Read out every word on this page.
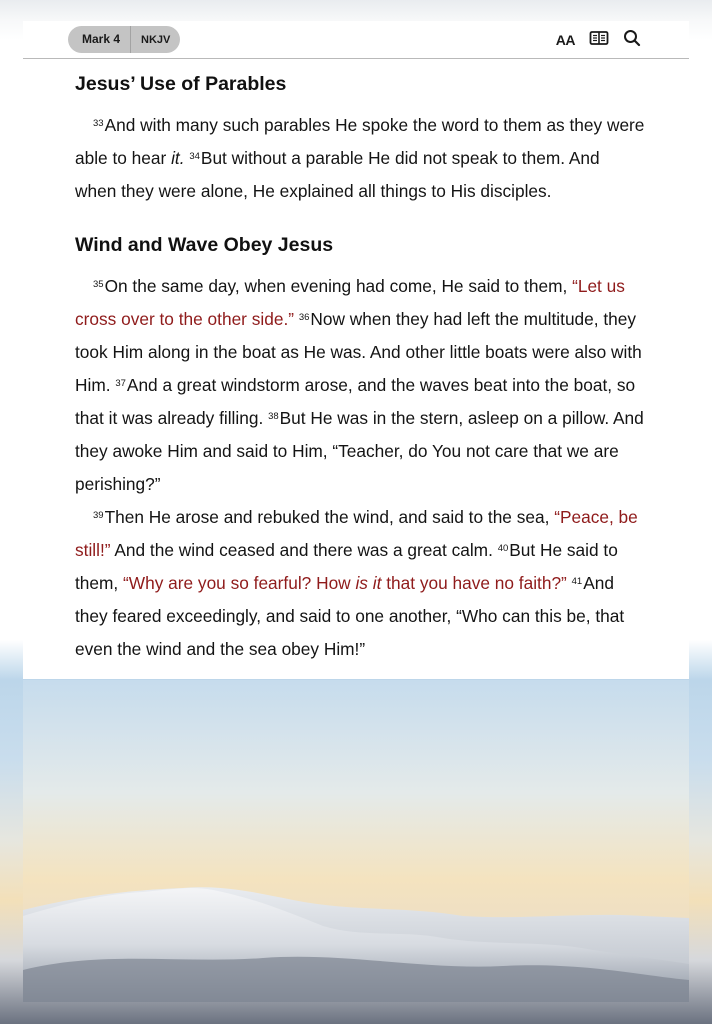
Mark 4	NKJV	AA
Jesus’ Use of Parables

$^{33}$And with many such parables He spoke the word to them as they were able to hear it. $^{34}$But without a parable He did not speak to them. And when they were alone, He explained all things to His disciples.

Wind and Wave Obey Jesus

$^{35}$On the same day, when evening had come, He said to them, “Let us cross over to the other side.” $^{36}$Now when they had left the multitude, they took Him along in the boat as He was. And other little boats were also with Him. $^{37}$And a great windstorm arose, and the waves beat into the boat, so that it was already filling. $^{38}$But He was in the stern, asleep on a pillow. And they awoke Him and said to Him, “Teacher, do You not care that we are perishing?”

$^{39}$Then He arose and rebuked the wind, and said to the sea, “Peace, be still!” And the wind ceased and there was a great calm. $^{40}$But He said to them, “Why are you so fearful? How is it that you have no faith?” $^{41}$And they feared exceedingly, and said to one another, “Who can this be, that even the wind and the sea obey Him!”
